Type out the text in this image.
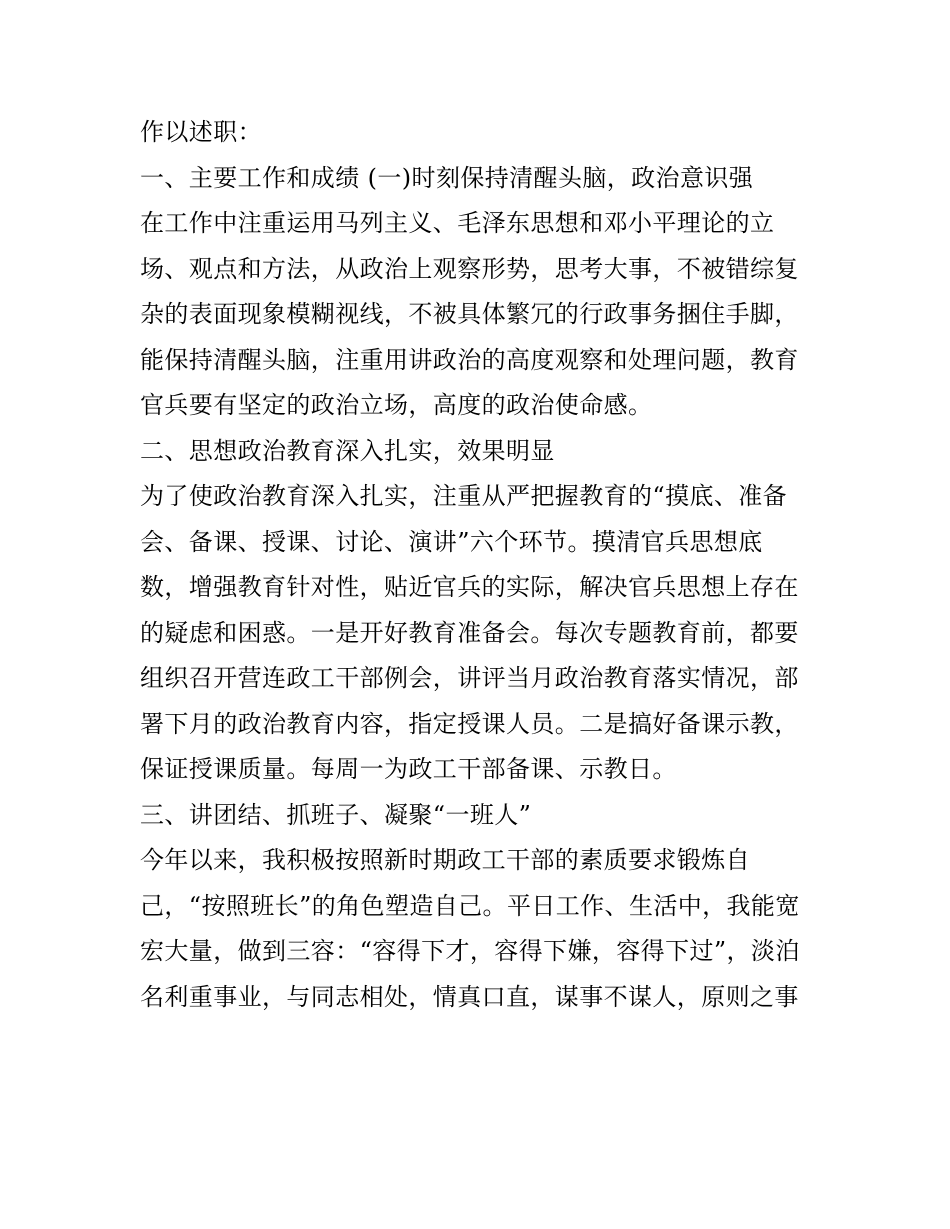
作以述职：
一、主要工作和成绩 (一)时刻保持清醒头脑，政治意识强
在工作中注重运用马列主义、毛泽东思想和邓小平理论的立
场、观点和方法，从政治上观察形势，思考大事，不被错综复
杂的表面现象模糊视线，不被具体繁冗的行政事务捆住手脚，
能保持清醒头脑，注重用讲政治的高度观察和处理问题，教育
官兵要有坚定的政治立场，高度的政治使命感。
二、思想政治教育深入扎实，效果明显
为了使政治教育深入扎实，注重从严把握教育的“摸底、准备
会、备课、授课、讨论、演讲”六个环节。摸清官兵思想底
数，增强教育针对性，贴近官兵的实际，解决官兵思想上存在
的疑虑和困惑。一是开好教育准备会。每次专题教育前，都要
组织召开营连政工干部例会，讲评当月政治教育落实情况，部
署下月的政治教育内容，指定授课人员。二是搞好备课示教，
保证授课质量。每周一为政工干部备课、示教日。
三、讲团结、抓班子、凝聚“一班人”
今年以来，我积极按照新时期政工干部的素质要求锻炼自
己，“按照班长”的角色塑造自己。平日工作、生活中，我能宽
宏大量，做到三容：“容得下才，容得下嫌，容得下过”，淡泊
名利重事业，与同志相处，情真口直，谋事不谋人，原则之事
